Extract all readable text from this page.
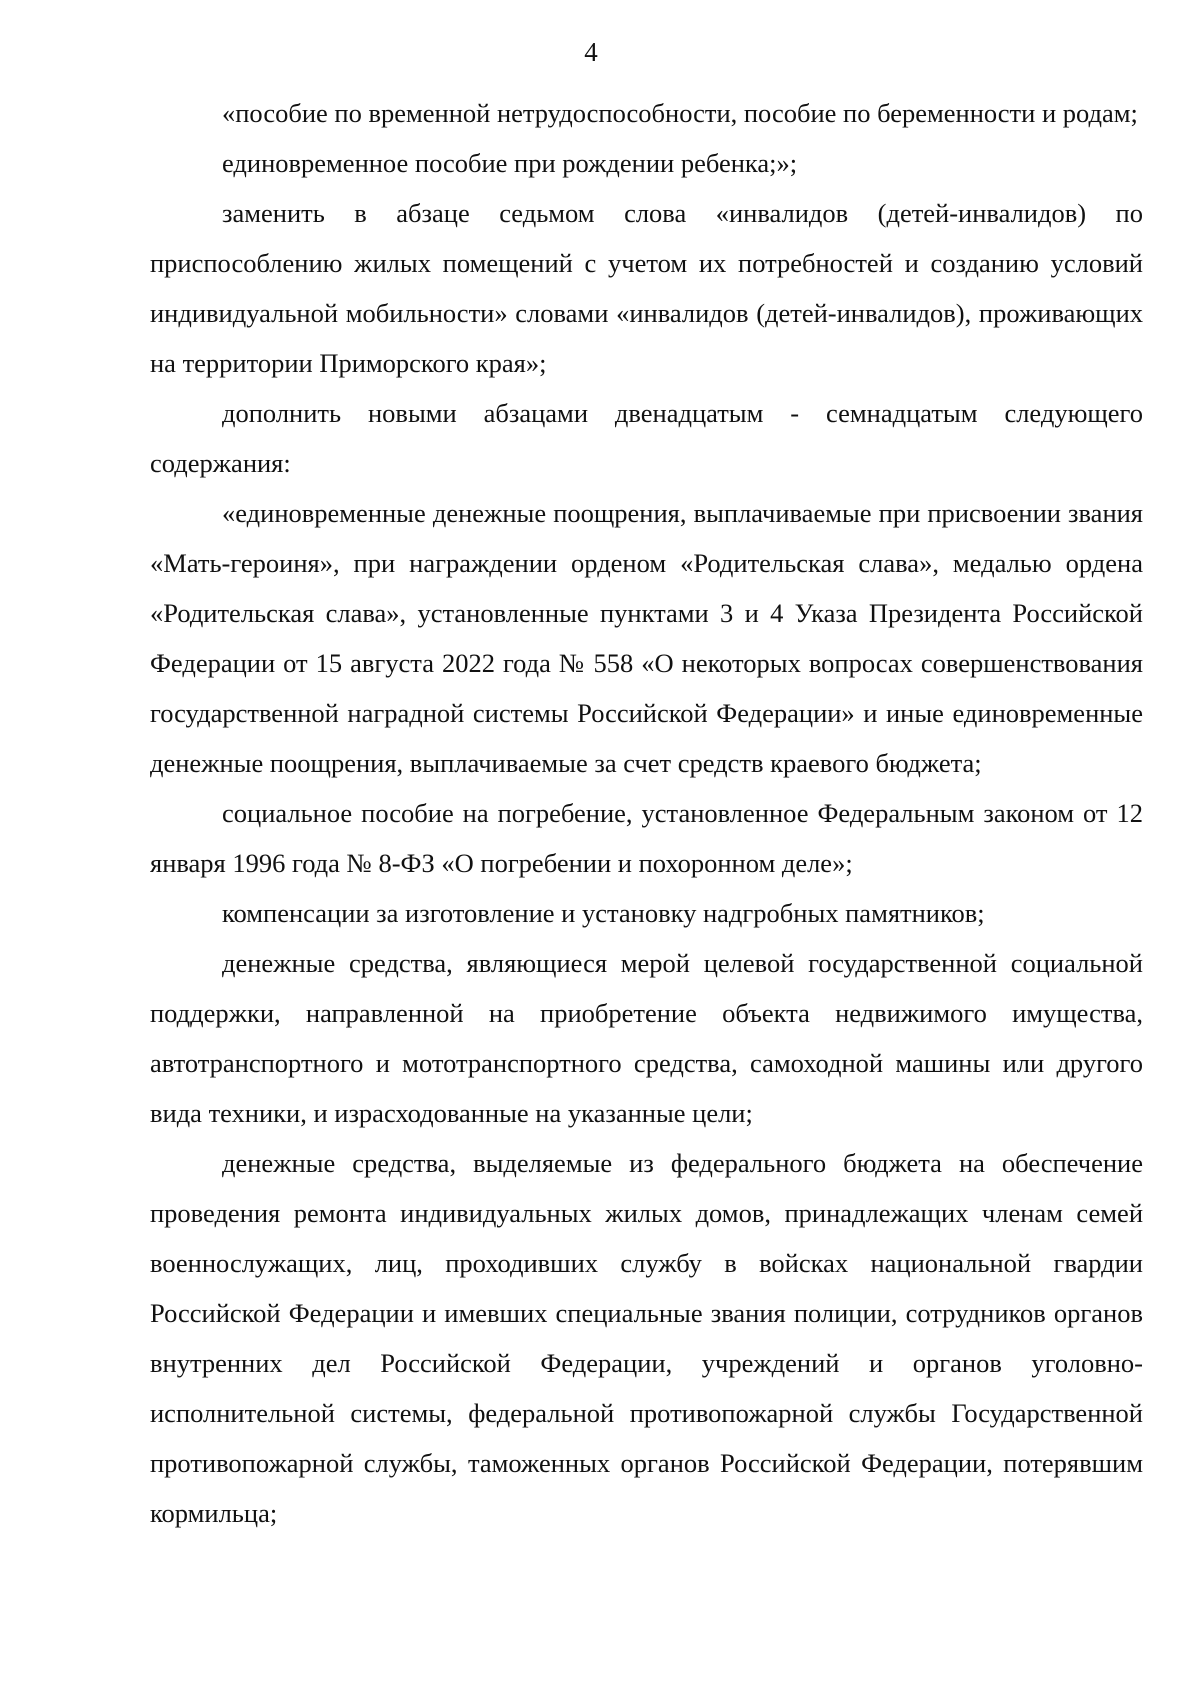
4

«пособие по временной нетрудоспособности, пособие по беременности и родам;

единовременное пособие при рождении ребенка;»;

заменить в абзаце седьмом слова «инвалидов (детей-инвалидов) по приспособлению жилых помещений с учетом их потребностей и созданию условий индивидуальной мобильности» словами «инвалидов (детей-инвалидов), проживающих на территории Приморского края»;

дополнить новыми абзацами двенадцатым - семнадцатым следующего содержания:

«единовременные денежные поощрения, выплачиваемые при присвоении звания «Мать-героиня», при награждении орденом «Родительская слава», медалью ордена «Родительская слава», установленные пунктами 3 и 4 Указа Президента Российской Федерации от 15 августа 2022 года № 558 «О некоторых вопросах совершенствования государственной наградной системы Российской Федерации» и иные единовременные денежные поощрения, выплачиваемые за счет средств краевого бюджета;

социальное пособие на погребение, установленное Федеральным законом от 12 января 1996 года № 8-ФЗ «О погребении и похоронном деле»;

компенсации за изготовление и установку надгробных памятников;

денежные средства, являющиеся мерой целевой государственной социальной поддержки, направленной на приобретение объекта недвижимого имущества, автотранспортного и мототранспортного средства, самоходной машины или другого вида техники, и израсходованные на указанные цели;

денежные средства, выделяемые из федерального бюджета на обеспечение проведения ремонта индивидуальных жилых домов, принадлежащих членам семей военнослужащих, лиц, проходивших службу в войсках национальной гвардии Российской Федерации и имевших специальные звания полиции, сотрудников органов внутренних дел Российской Федерации, учреждений и органов уголовно-исполнительной системы, федеральной противопожарной службы Государственной противопожарной службы, таможенных органов Российской Федерации, потерявшим кормильца;
